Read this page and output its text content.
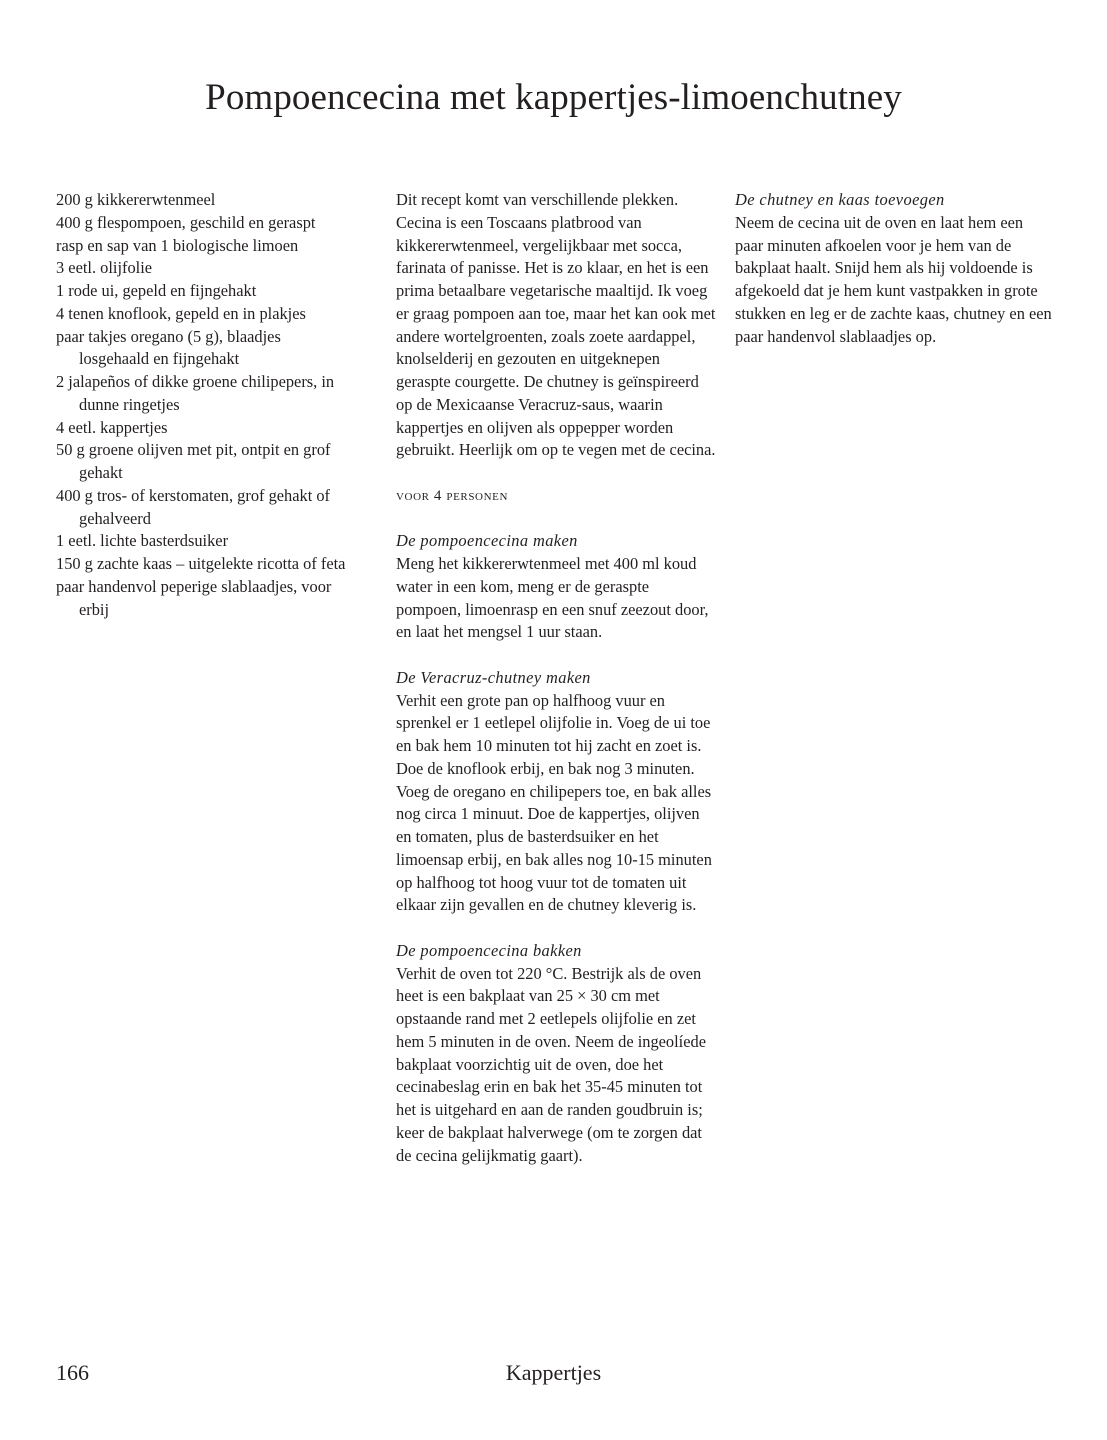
Pompoencecina met kappertjes-limoenchutney

200 g kikkererwtenmeel

400 g flespompoen, geschild en geraspt

rasp en sap van 1 biologische limoen

3 eetl. olijfolie

1 rode ui, gepeld en fijngehakt

4 tenen knoflook, gepeld en in plakjes

paar takjes oregano (5 g), blaadjes losgehaald en fijngehakt

2 jalapeños of dikke groene chilipepers, in dunne ringetjes

4 eetl. kappertjes

50 g groene olijven met pit, ontpit en grof gehakt

400 g tros- of kerstomaten, grof gehakt of gehalveerd

1 eetl. lichte basterdsuiker

150 g zachte kaas – uitgelekte ricotta of feta

paar handenvol peperige slablaadjes, voor erbij

Dit recept komt van verschillende plekken. Cecina is een Toscaans platbrood van kikkererwtenmeel, vergelijkbaar met socca, farinata of panisse. Het is zo klaar, en het is een prima betaalbare vegetarische maaltijd. Ik voeg er graag pompoen aan toe, maar het kan ook met andere wortelgroenten, zoals zoete aardappel, knolselderij en gezouten en uitgeknepen geraspte courgette. De chutney is geïnspireerd op de Mexicaanse Veracruz-saus, waarin kappertjes en olijven als oppepper worden gebruikt. Heerlijk om op te vegen met de cecina.

voor 4 personen

De pompoencecina maken

Meng het kikkererwtenmeel met 400 ml koud water in een kom, meng er de geraspte pompoen, limoenrasp en een snuf zeezout door, en laat het mengsel 1 uur staan.

De Veracruz-chutney maken

Verhit een grote pan op halfhoog vuur en sprenkel er 1 eetlepel olijfolie in. Voeg de ui toe en bak hem 10 minuten tot hij zacht en zoet is. Doe de knoflook erbij, en bak nog 3 minuten. Voeg de oregano en chilipepers toe, en bak alles nog circa 1 minuut. Doe de kappertjes, olijven en tomaten, plus de basterdsuiker en het limoensap erbij, en bak alles nog 10-15 minuten op halfhoog tot hoog vuur tot de tomaten uit elkaar zijn gevallen en de chutney kleverig is.

De pompoencecina bakken

Verhit de oven tot 220 °C. Bestrijk als de oven heet is een bakplaat van 25 × 30 cm met opstaande rand met 2 eetlepels olijfolie en zet hem 5 minuten in de oven. Neem de ingeolíede bakplaat voorzichtig uit de oven, doe het cecinabeslag erin en bak het 35-45 minuten tot het is uitgehard en aan de randen goudbruin is; keer de bakplaat halverwege (om te zorgen dat de cecina gelijkmatig gaart).

De chutney en kaas toevoegen

Neem de cecina uit de oven en laat hem een paar minuten afkoelen voor je hem van de bakplaat haalt. Snijd hem als hij voldoende is afgekoeld dat je hem kunt vastpakken in grote stukken en leg er de zachte kaas, chutney en een paar handenvol slablaadjes op.

166	Kappertjes
